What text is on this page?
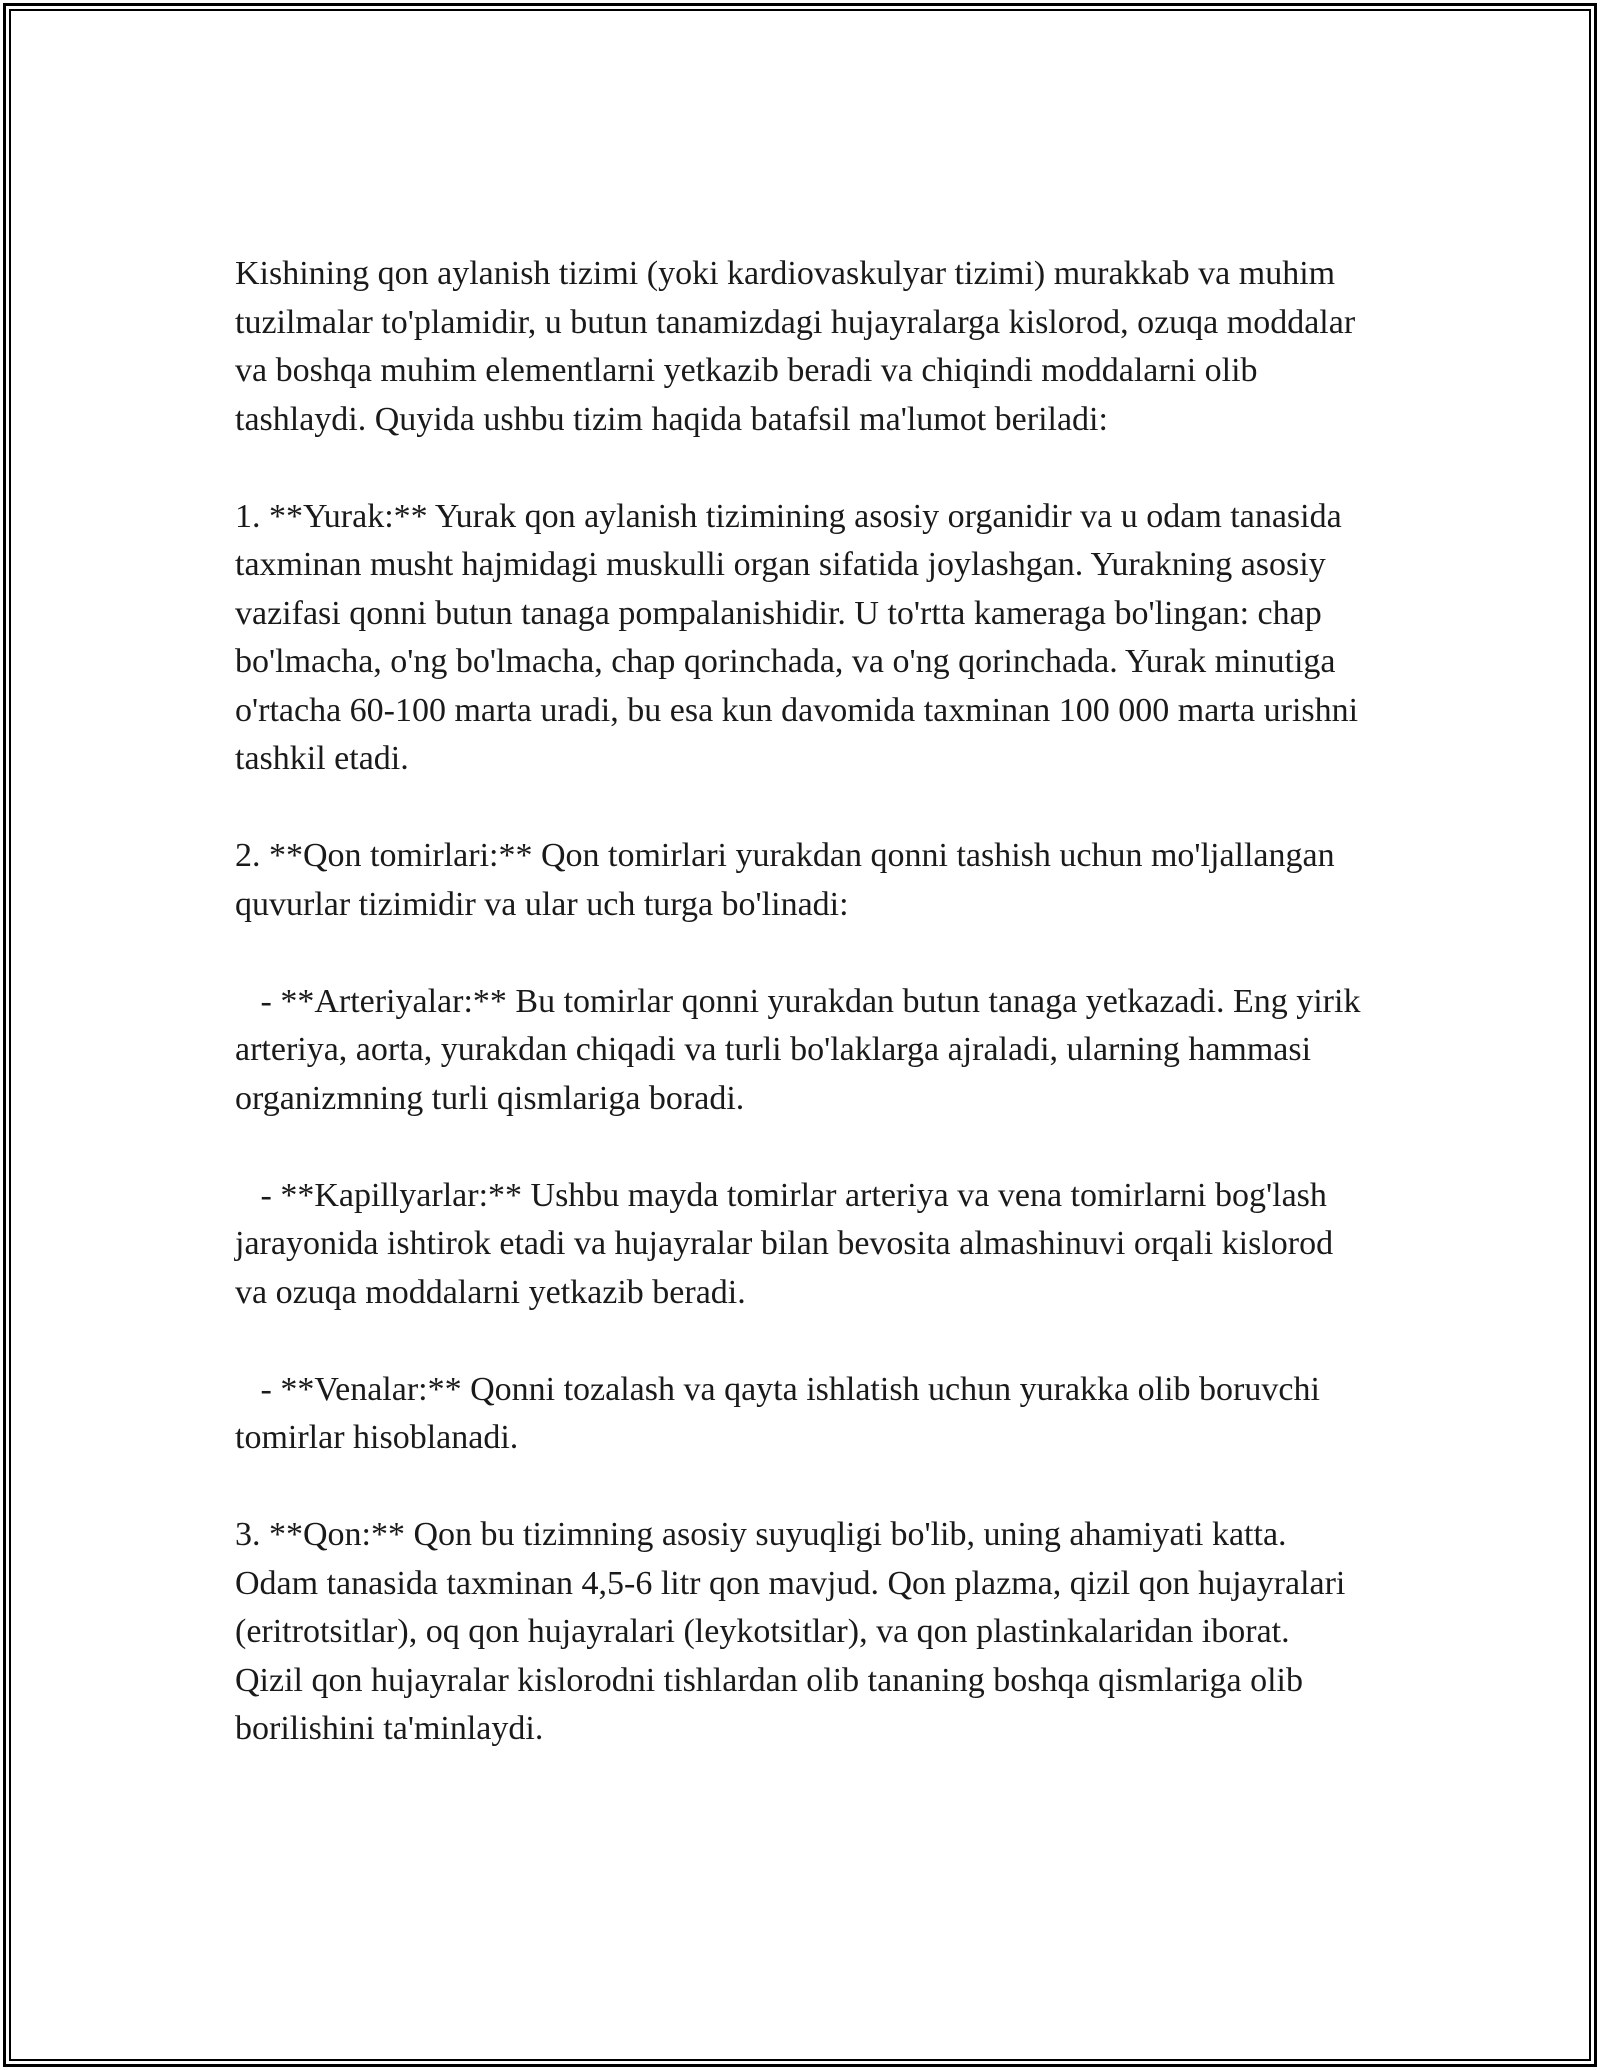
Kishining qon aylanish tizimi (yoki kardiovaskulyar tizimi) murakkab va muhim tuzilmalar to'plamidir, u butun tanamizdagi hujayralarga kislorod, ozuqa moddalar va boshqa muhim elementlarni yetkazib beradi va chiqindi moddalarni olib tashlaydi. Quyida ushbu tizim haqida batafsil ma'lumot beriladi:

1. **Yurak:** Yurak qon aylanish tizimining asosiy organidir va u odam tanasida taxminan musht hajmidagi muskulli organ sifatida joylashgan. Yurakning asosiy vazifasi qonni butun tanaga pompalanishidir. U to'rtta kameraga bo'lingan: chap bo'lmacha, o'ng bo'lmacha, chap qorinchada, va o'ng qorinchada. Yurak minutiga o'rtacha 60-100 marta uradi, bu esa kun davomida taxminan 100 000 marta urishni tashkil etadi.

2. **Qon tomirlari:** Qon tomirlari yurakdan qonni tashish uchun mo'ljallangan quvurlar tizimidir va ular uch turga bo'linadi:

- **Arteriyalar:** Bu tomirlar qonni yurakdan butun tanaga yetkazadi. Eng yirik arteriya, aorta, yurakdan chiqadi va turli bo'laklarga ajraladi, ularning hammasi organizmning turli qismlariga boradi.

- **Kapillyarlar:** Ushbu mayda tomirlar arteriya va vena tomirlarni bog'lash jarayonida ishtirok etadi va hujayralar bilan bevosita almashinuvi orqali kislorod va ozuqa moddalarni yetkazib beradi.

- **Venalar:** Qonni tozalash va qayta ishlatish uchun yurakka olib boruvchi tomirlar hisoblanadi.

3. **Qon:** Qon bu tizimning asosiy suyuqligi bo'lib, uning ahamiyati katta. Odam tanasida taxminan 4,5-6 litr qon mavjud. Qon plazma, qizil qon hujayralari (eritrotsitlar), oq qon hujayralari (leykotsitlar), va qon plastinkalaridan iborat. Qizil qon hujayralar kislorodni tishlardan olib tananing boshqa qismlariga olib borilishini ta'minlaydi.
